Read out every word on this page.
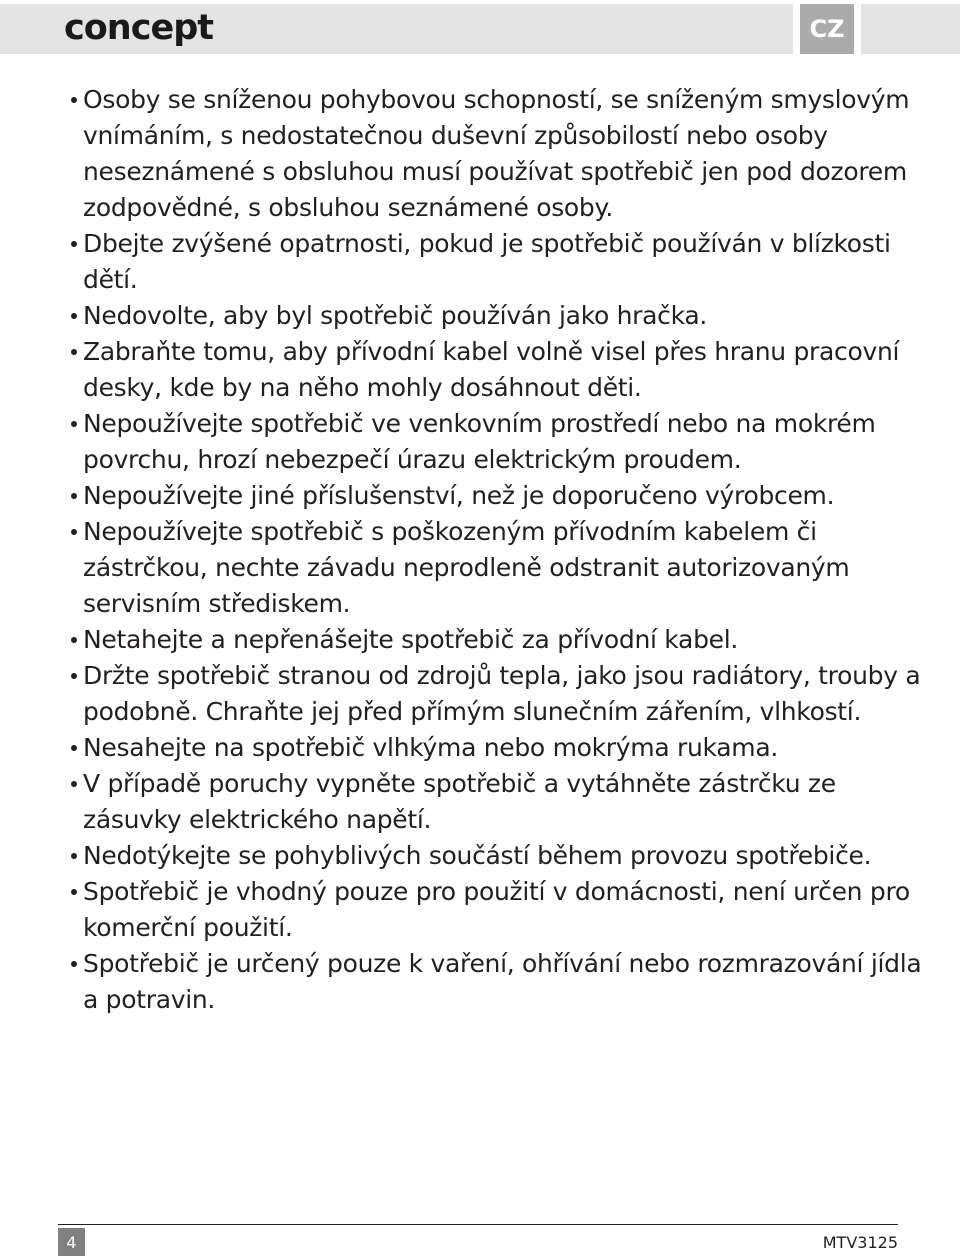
concept	CZ
Osoby se sníženou pohybovou schopností, se sníženým smyslovým vnímáním, s nedostatečnou duševní způsobilostí nebo osoby neseznámené s obsluhou musí používat spotřebič jen pod dozorem zodpovědné, s obsluhou seznámené osoby.
Dbejte zvýšené opatrnosti, pokud je spotřebič používán v blízkosti dětí.
Nedovolte, aby byl spotřebič používán jako hračka.
Zabraňte tomu, aby přívodní kabel volně visel přes hranu pracovní desky, kde by na něho mohly dosáhnout děti.
Nepoužívejte spotřebič ve venkovním prostředí nebo na mokrém povrchu, hrozí nebezpečí úrazu elektrickým proudem.
Nepoužívejte jiné příslušenství, než je doporučeno výrobcem.
Nepoužívejte spotřebič s poškozeným přívodním kabelem či zástrčkou, nechte závadu neprodleně odstranit autorizovaným servisním střediskem.
Netahejte a nepřenášejte spotřebič za přívodní kabel.
Držte spotřebič stranou od zdrojů tepla, jako jsou radiátory, trouby a podobně. Chraňte jej před přímým slunečním zářením, vlhkostí.
Nesahejte na spotřebič vlhkýma nebo mokrýma rukama.
V případě poruchy vypněte spotřebič a vytáhněte zástrčku ze zásuvky elektrického napětí.
Nedotýkejte se pohyblivých součástí během provozu spotřebiče.
Spotřebič je vhodný pouze pro použití v domácnosti, není určen pro komerční použití.
Spotřebič je určený pouze k vaření, ohřívání nebo rozmrazování jídla a potravin.
4	MTV3125
